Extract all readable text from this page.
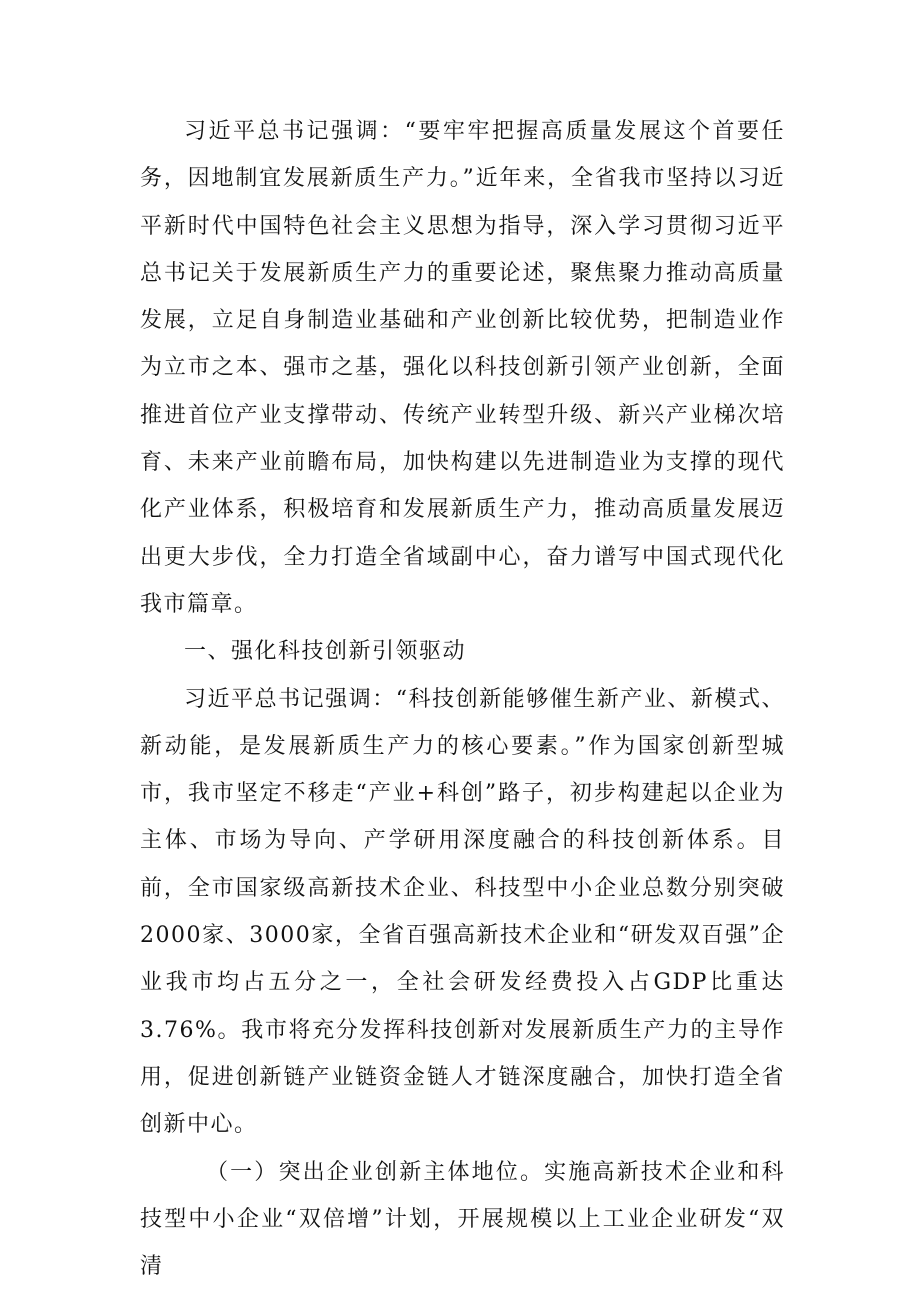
习近平总书记强调：“要牢牢把握高质量发展这个首要任务，因地制宜发展新质生产力。”近年来，全省我市坚持以习近平新时代中国特色社会主义思想为指导，深入学习贯彻习近平总书记关于发展新质生产力的重要论述，聚焦聚力推动高质量发展，立足自身制造业基础和产业创新比较优势，把制造业作为立市之本、强市之基，强化以科技创新引领产业创新，全面推进首位产业支撑带动、传统产业转型升级、新兴产业梯次培育、未来产业前瞻布局，加快构建以先进制造业为支撑的现代化产业体系，积极培育和发展新质生产力，推动高质量发展迈出更大步伐，全力打造全省域副中心，奋力谱写中国式现代化我市篇章。

一、强化科技创新引领驱动

习近平总书记强调：“科技创新能够催生新产业、新模式、新动能，是发展新质生产力的核心要素。”作为国家创新型城市，我市坚定不移走“产业+科创”路子，初步构建起以企业为主体、市场为导向、产学研用深度融合的科技创新体系。目前，全市国家级高新技术企业、科技型中小企业总数分别突破2000家、3000家，全省百强高新技术企业和“研发双百强”企业我市均占五分之一，全社会研发经费投入占GDP比重达3.76%。我市将充分发挥科技创新对发展新质生产力的主导作用，促进创新链产业链资金链人才链深度融合，加快打造全省创新中心。

（一）突出企业创新主体地位。实施高新技术企业和科技型中小企业“双倍增”计划，开展规模以上工业企业研发“双清
